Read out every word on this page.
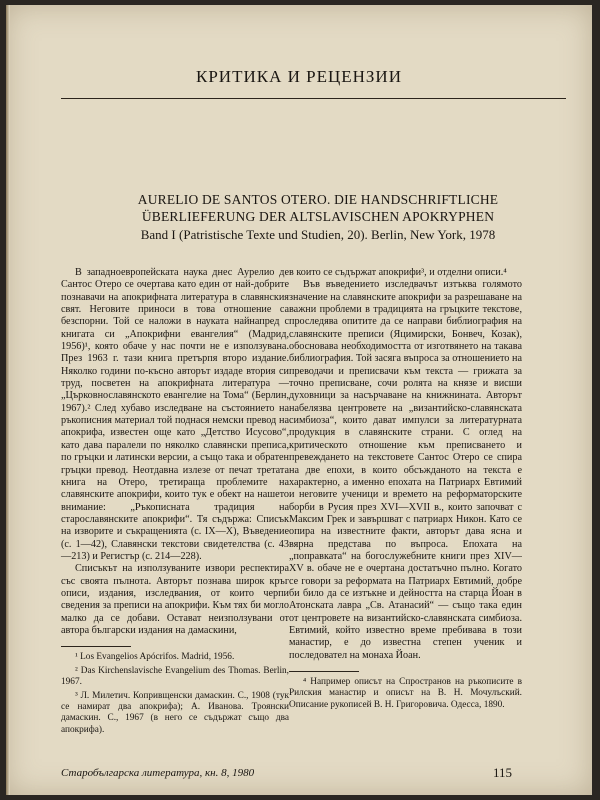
КРИТИКА И РЕЦЕНЗИИ
AURELIO DE SANTOS OTERO. DIE HANDSCHRIFTLICHE
ÜBERLIEFERUNG DER ALTSLAVISCHEN APOKRYPHEN
Band I (Patristische Texte und Studien, 20). Berlin, New York, 1978

В западноевропейската наука днес Аурелио де Сантос Отеро се очертава като един от най-добрите познавачи на апокрифната литература в славянския свят. Неговите приноси в това отношение са безспорни. Той се наложи в науката найнапред с книгата си „Апокрифни евангелия“ (Мадрид, 1956)¹, която обаче у нас почти не е използувана. През 1963 г. тази книга претърпя второ издание. Няколко години по-късно авторът издаде втория си труд, посветен на апокрифната литература — „Църковнославянското евангелие на Тома“ (Берлин, 1967).² След хубаво изследване на състоянието на ръкописния материал той поднася немски превод на апокрифа, известен още като „Детство Исусово“, като дава паралели по няколко славянски преписа, по гръцки и латински версии, а също така и обратен гръцки превод. Неотдавна излезе от печат третата книга на Отеро, третираща проблемите на славянските апокрифи, които тук е обект на нашето внимание: „Ръкописната традиция на старославянските апокрифи“. Тя съдържа: Списък на изворите и съкращенията (с. IX—X), Въведение (с. 1—42), Славянски текстови свидетелства (с. 43—213) и Регистър (с. 214—228).

Списъкът на използуваните извори респектира със своята пълнота. Авторът познава широк кръг описи, издания, изследвания, от които черпи сведения за преписи на апокрифи. Към тях би могло малко да се добави. Остават неизползувани от автора български издания на дамаскини,

¹ Los Evangelios Apócrifos. Madrid, 1956.

² Das Kirchenslavische Evangelium des Thomas. Berlin, 1967.

³ Л. Милетич. Копривщенски дамаскин. С., 1908 (тук се намират два апокрифа); А. Иванова. Троянски дамаскин. С., 1967 (в него се съдържат също два апокрифа).

в които се съдържат апокрифи³, и отделни описи.⁴

Във въведението изследвачът изтъква голямото значение на славянските апокрифи за разрешаване на важни проблеми в традицията на гръцките текстове, проследява опитите да се направи библиография на славянските преписи (Яцимирски, Бонвеч, Козак), обосновава необходимостта от изготвянето на такава библиография. Той засяга въпроса за отношението на преводачи и преписвачи към текста — грижата за точно преписване, сочи ролята на князе и висши духовници за насърчаване на книжнината. Авторът набелязва центровете на „византийско-славянската симбиоза“, които дават импулси за литературната продукция в славянските страни. С оглед на критическото отношение към преписването и превеждането на текстовете Сантос Отеро се спира на две епохи, в които обсъжданото на текста е характерно, а именно епохата на Патриарх Евтимий и неговите ученици и времето на реформаторските борби в Русия през XVI—XVII в., които започват с Максим Грек и завършват с патриарх Никон. Като се опира на известните факти, авторът дава ясна и вярна представа по въпроса. Епохата на „поправката“ на богослужебните книги през XIV—XV в. обаче не е очертана достатъчно пълно. Когато се говори за реформата на Патриарх Евтимий, добре би било да се изтъкне и дейността на старца Йоан в Атонската лавра „Св. Атанасий“ — също така един от центровете на византийско-славянската симбиоза. Евтимий, който известно време пребивава в този манастир, е до известна степен ученик и последовател на монаха Йоан.

⁴ Например описът на Спространов на ръкописите в Рилския манастир и описът на В. Н. Мочулъский. Описание рукописей В. Н. Григоровича. Одесса, 1890.

Старобългарска литература, кн. 8, 1980	115
